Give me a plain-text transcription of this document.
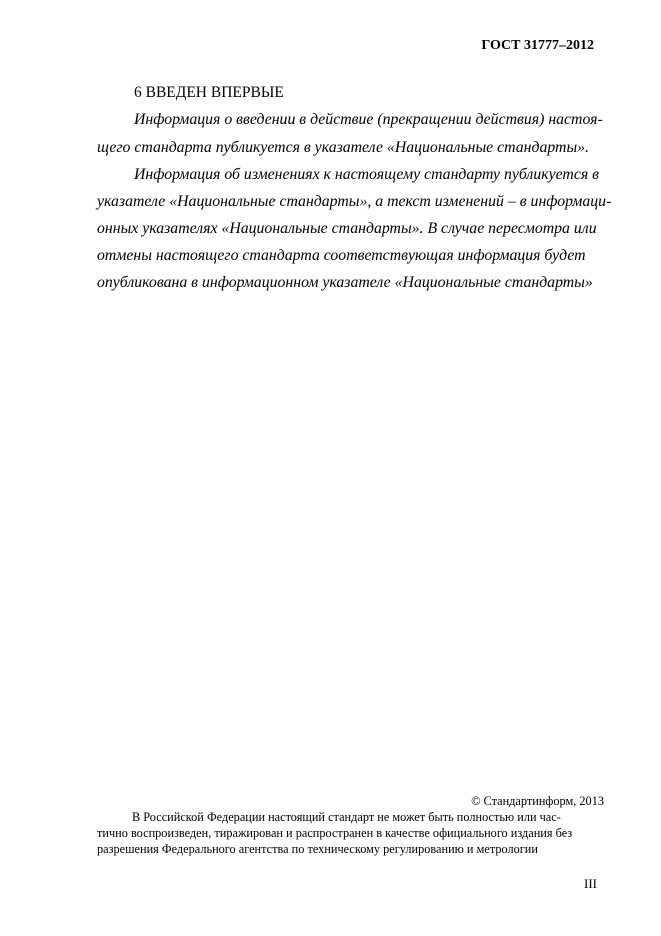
ГОСТ 31777–2012
6 ВВЕДЕН ВПЕРВЫЕ
Информация о введении в действие (прекращении действия) настоя-
щего стандарта публикуется в указателе «Национальные стандарты».
Информация об изменениях к настоящему стандарту публикуется в
указателе «Национальные стандарты», а текст изменений – в информаци-
онных указателях «Национальные стандарты». В случае пересмотра или
отмены настоящего стандарта соответствующая информация будет
опубликована в информационном указателе «Национальные стандарты»
© Стандартинформ, 2013
В Российской Федерации настоящий стандарт не может быть полностью или час-
тично воспроизведен, тиражирован и распространен в качестве официального издания без
разрешения Федерального агентства по техническому регулированию и метрологии
III
